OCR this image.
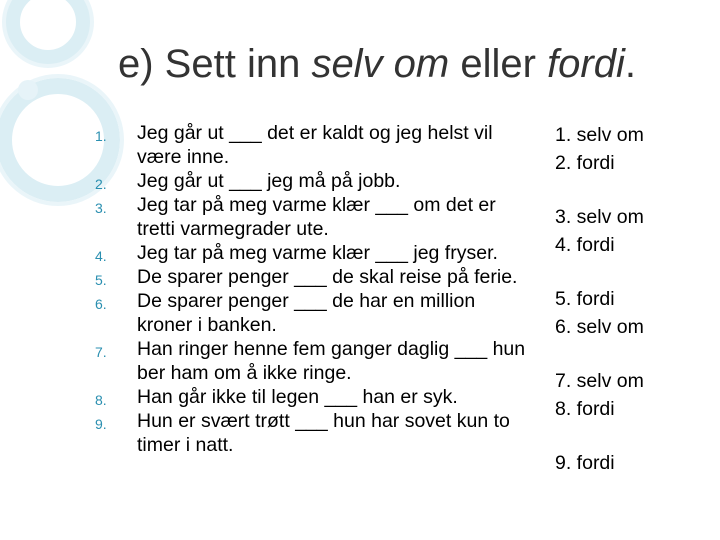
e) Sett inn selv om eller fordi.
1. Jeg går ut ___ det er kaldt og jeg helst vil være inne.
2. Jeg går ut ___ jeg må på jobb.
3. Jeg tar på meg varme klær ___ om det er tretti varmegrader ute.
4. Jeg tar på meg varme klær ___ jeg fryser.
5. De sparer penger ___ de skal reise på ferie.
6. De sparer penger ___ de har en million kroner i banken.
7. Han ringer henne fem ganger daglig ___ hun ber ham om å ikke ringe.
8. Han går ikke til legen ___ han er syk.
9. Hun er svært trøtt ___ hun har sovet kun to timer i natt.
1. selv om
2. fordi
3. selv om
4. fordi
5. fordi
6. selv om
7. selv om
8. fordi
9. fordi
